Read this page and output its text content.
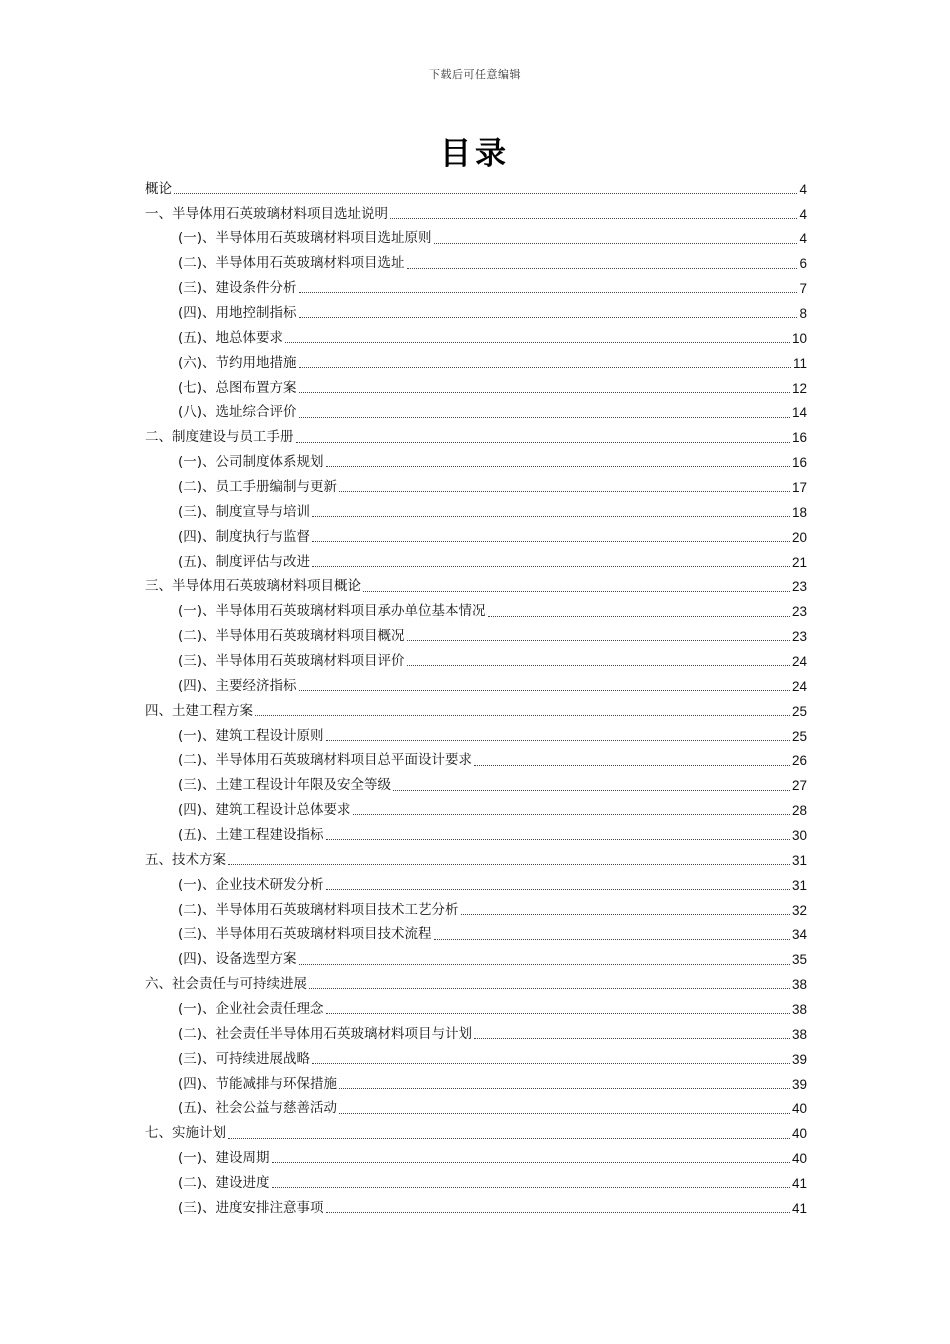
下载后可任意编辑
目录
概论	4
一、半导体用石英玻璃材料项目选址说明	4
(一)、半导体用石英玻璃材料项目选址原则	4
(二)、半导体用石英玻璃材料项目选址	6
(三)、建设条件分析	7
(四)、用地控制指标	8
(五)、地总体要求	10
(六)、节约用地措施	11
(七)、总图布置方案	12
(八)、选址综合评价	14
二、制度建设与员工手册	16
(一)、公司制度体系规划	16
(二)、员工手册编制与更新	17
(三)、制度宣导与培训	18
(四)、制度执行与监督	20
(五)、制度评估与改进	21
三、半导体用石英玻璃材料项目概论	23
(一)、半导体用石英玻璃材料项目承办单位基本情况	23
(二)、半导体用石英玻璃材料项目概况	23
(三)、半导体用石英玻璃材料项目评价	24
(四)、主要经济指标	24
四、土建工程方案	25
(一)、建筑工程设计原则	25
(二)、半导体用石英玻璃材料项目总平面设计要求	26
(三)、土建工程设计年限及安全等级	27
(四)、建筑工程设计总体要求	28
(五)、土建工程建设指标	30
五、技术方案	31
(一)、企业技术研发分析	31
(二)、半导体用石英玻璃材料项目技术工艺分析	32
(三)、半导体用石英玻璃材料项目技术流程	34
(四)、设备选型方案	35
六、社会责任与可持续进展	38
(一)、企业社会责任理念	38
(二)、社会责任半导体用石英玻璃材料项目与计划	38
(三)、可持续进展战略	39
(四)、节能减排与环保措施	39
(五)、社会公益与慈善活动	40
七、实施计划	40
(一)、建设周期	40
(二)、建设进度	41
(三)、进度安排注意事项	41
